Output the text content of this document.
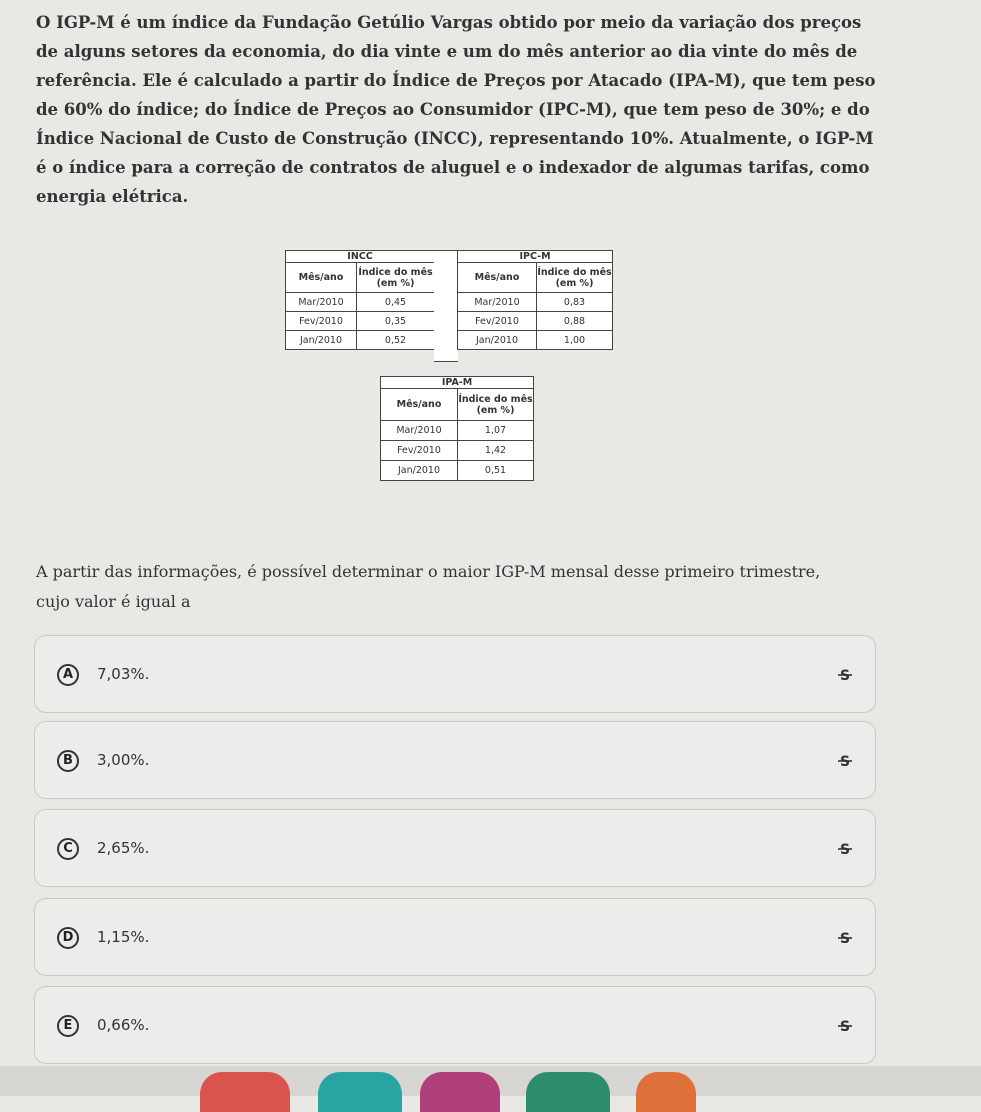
O IGP-M é um índice da Fundação Getúlio Vargas obtido por meio da variação dos preços de alguns setores da economia, do dia vinte e um do mês anterior ao dia vinte do mês de referência. Ele é calculado a partir do Índice de Preços por Atacado (IPA-M), que tem peso de 60% do índice; do Índice de Preços ao Consumidor (IPC-M), que tem peso de 30%; e do Índice Nacional de Custo de Construção (INCC), representando 10%. Atualmente, o IGP-M é o índice para a correção de contratos de aluguel e o indexador de algumas tarifas, como energia elétrica.
INCC	
Mês/ano	Índice do mês (em %)
Mar/2010	0,45
Fev/2010	0,35
Jan/2010	0,52
IPC-M	
Mês/ano	Índice do mês (em %)
Mar/2010	0,83
Fev/2010	0,88
Jan/2010	1,00
IPA-M	
Mês/ano	Índice do mês (em %)
Mar/2010	1,07
Fev/2010	1,42
Jan/2010	0,51
A partir das informações, é possível determinar o maior IGP-M mensal desse primeiro trimestre, cujo valor é igual a
A	7,03%.	S
B	3,00%.	S
C	2,65%.	S
D	1,15%.	S
E	0,66%.	S
